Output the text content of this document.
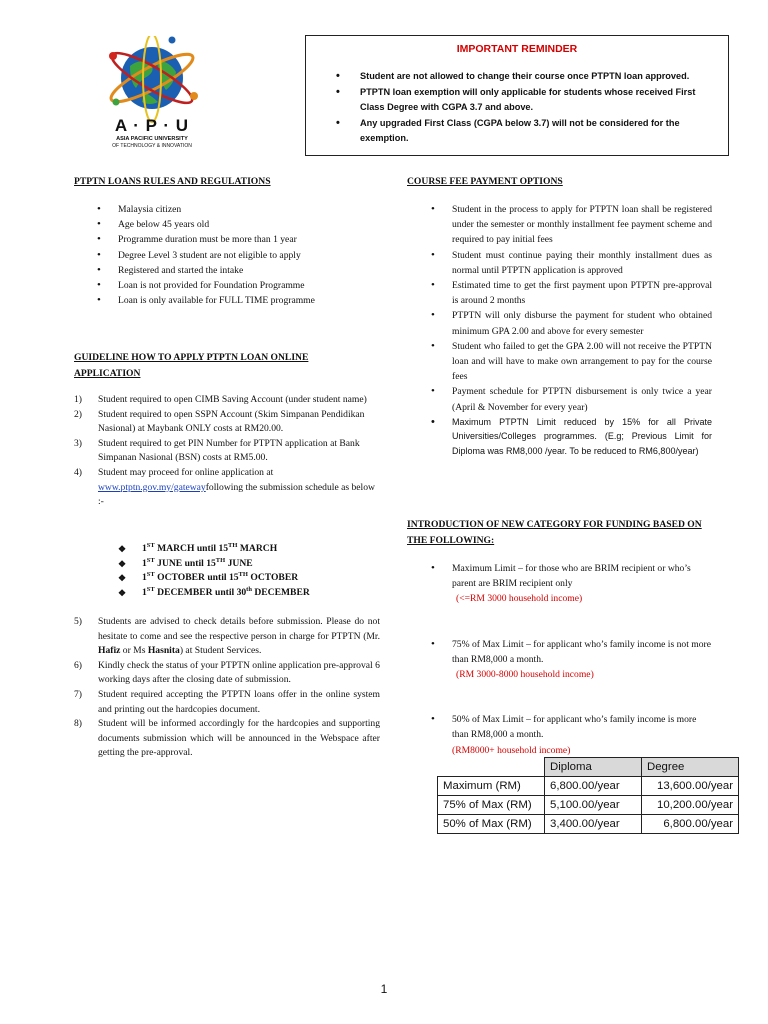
A · P · U
ASIA PACIFIC UNIVERSITY
OF TECHNOLOGY & INNOVATION
IMPORTANT REMINDER
• Student are not allowed to change their course once PTPTN loan approved.
• PTPTN loan exemption will only applicable for students whose received First Class Degree with CGPA 3.7 and above.
• Any upgraded First Class (CGPA below 3.7) will not be considered for the exemption.
PTPTN LOANS RULES AND REGULATIONS
• Malaysia citizen
• Age below 45 years old
• Programme duration must be more than 1 year
• Degree Level 3 student are not eligible to apply
• Registered and started the intake
• Loan is not provided for Foundation Programme
• Loan is only available for FULL TIME programme
GUIDELINE HOW TO APPLY PTPTN LOAN ONLINE APPLICATION
1) Student required to open CIMB Saving Account (under student name)
2) Student required to open SSPN Account (Skim Simpanan Pendidikan Nasional) at Maybank ONLY costs at RM20.00.
3) Student required to get PIN Number for PTPTN application at Bank Simpanan Nasional (BSN) costs at RM5.00.
4) Student may proceed for online application at www.ptptn.gov.my/gatewayfollowing the submission schedule as below :-
❖ 1ST MARCH until 15TH MARCH
❖ 1ST JUNE until 15TH JUNE
❖ 1ST OCTOBER until 15TH OCTOBER
❖ 1ST DECEMBER until 30th DECEMBER
5) Students are advised to check details before submission. Please do not hesitate to come and see the respective person in charge for PTPTN (Mr. Hafiz or Ms Hasnita) at Student Services.
6) Kindly check the status of your PTPTN online application pre-approval 6 working days after the closing date of submission.
7) Student required accepting the PTPTN loans offer in the online system and printing out the hardcopies document.
8) Student will be informed accordingly for the hardcopies and supporting documents submission which will be announced in the Webspace after getting the pre-approval.
COURSE FEE PAYMENT OPTIONS
• Student in the process to apply for PTPTN loan shall be registered under the semester or monthly installment fee payment scheme and required to pay initial fees
• Student must continue paying their monthly installment dues as normal until PTPTN application is approved
• Estimated time to get the first payment upon PTPTN pre-approval is around 2 months
• PTPTN will only disburse the payment for student who obtained minimum GPA 2.00 and above for every semester
• Student who failed to get the GPA 2.00 will not receive the PTPTN loan and will have to make own arrangement to pay for the course fees
• Payment schedule for PTPTN disbursement is only twice a year (April & November for every year)
• Maximum PTPTN Limit reduced by 15% for all Private Universities/Colleges programmes. (E.g; Previous Limit for Diploma was RM8,000 /year. To be reduced to RM6,800/year)
INTRODUCTION OF NEW CATEGORY FOR FUNDING BASED ON THE FOLLOWING:
• Maximum Limit – for those who are BRIM recipient or who’s parent are BRIM recipient only
(<=RM 3000 household income)
• 75% of Max Limit – for applicant who’s family income is not more than RM8,000 a month.
(RM 3000-8000 household income)
• 50% of Max Limit – for applicant who’s family income is more than RM8,000 a month.
(RM8000+ household income)
	Diploma	Degree
Maximum (RM)	6,800.00/year	13,600.00/year
75% of Max (RM)	5,100.00/year	10,200.00/year
50% of Max (RM)	3,400.00/year	6,800.00/year
1
